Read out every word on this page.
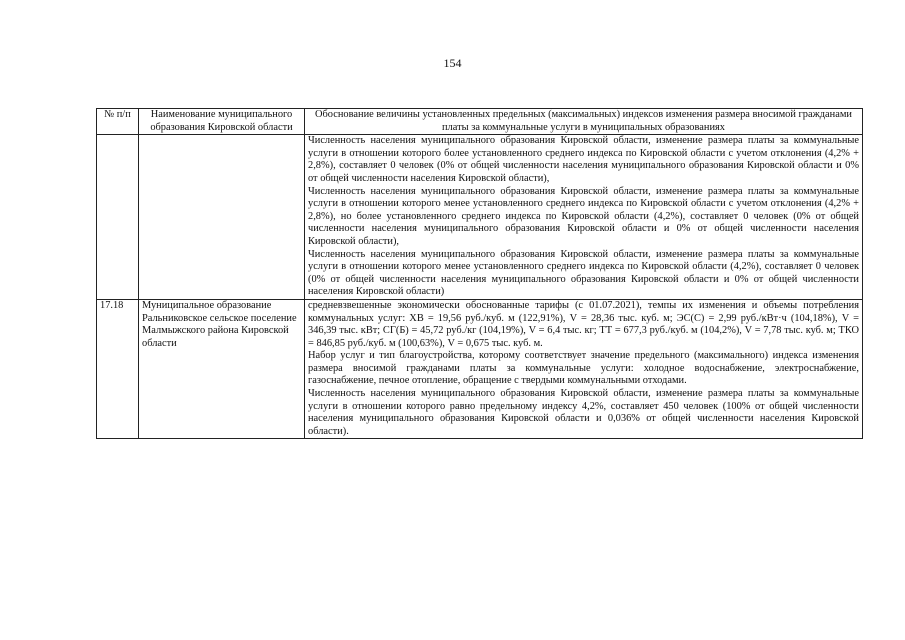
154
№ п/п	Наименование муниципального образования Кировской области	Обоснование величины установленных предельных (максимальных) индексов изменения размера вносимой гражданами платы за коммунальные услуги в муниципальных образованиях

		Численность населения муниципального образования Кировской области, изменение размера платы за коммунальные услуги в отношении которого более установленного среднего индекса по Кировской области с учетом отклонения (4,2% + 2,8%), составляет 0 человек (0% от общей численности населения муниципального образования Кировской области и 0% от общей численности населения Кировской области),
Численность населения муниципального образования Кировской области, изменение размера платы за коммунальные услуги в отношении которого менее установленного среднего индекса по Кировской области с учетом отклонения (4,2% + 2,8%), но более установленного среднего индекса по Кировской области (4,2%), составляет 0 человек (0% от общей численности населения муниципального образования Кировской области и 0% от общей численности населения Кировской области),
Численность населения муниципального образования Кировской области, изменение размера платы за коммунальные услуги в отношении которого менее установленного среднего индекса по Кировской области (4,2%), составляет 0 человек (0% от общей численности населения муниципального образования Кировской области и 0% от общей численности населения Кировской области)

17.18	Муниципальное образование Ральниковское сельское поселение Малмыжского района Кировской области	средневзвешенные экономически обоснованные тарифы (с 01.07.2021), темпы их изменения и объемы потребления коммунальных услуг: ХВ = 19,56 руб./куб. м (122,91%), V = 28,36 тыс. куб. м; ЭС(С) = 2,99 руб./кВт·ч (104,18%), V = 346,39 тыс. кВт; СГ(Б) = 45,72 руб./кг (104,19%), V = 6,4 тыс. кг; ТТ = 677,3 руб./куб. м (104,2%), V = 7,78 тыс. куб. м; ТКО = 846,85 руб./куб. м (100,63%), V = 0,675 тыс. куб. м.
Набор услуг и тип благоустройства, которому соответствует значение предельного (максимального) индекса изменения размера вносимой гражданами платы за коммунальные услуги: холодное водоснабжение, электроснабжение, газоснабжение, печное отопление, обращение с твердыми коммунальными отходами.
Численность населения муниципального образования Кировской области, изменение размера платы за коммунальные услуги в отношении которого равно предельному индексу 4,2%, составляет 450 человек (100% от общей численности населения муниципального образования Кировской области и 0,036% от общей численности населения Кировской области).
